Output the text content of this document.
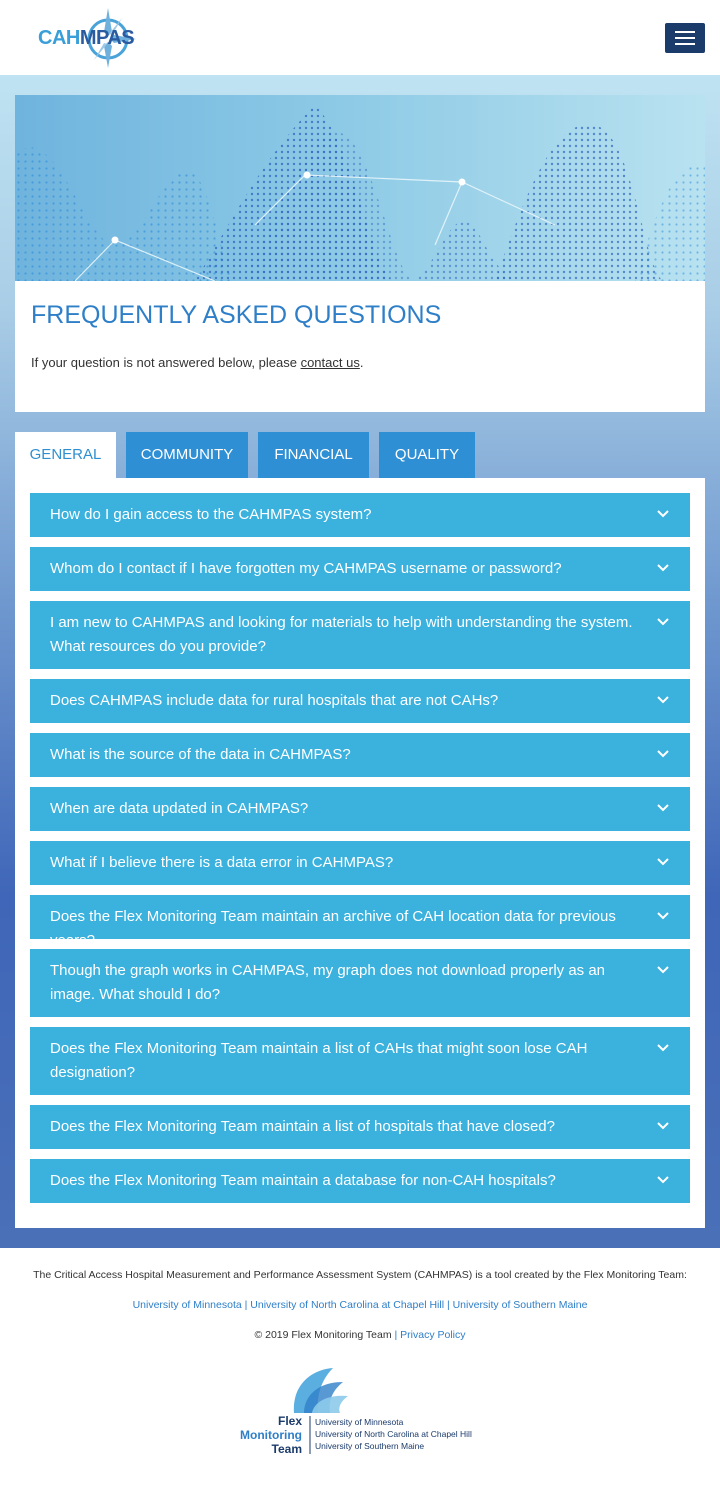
CAHMPAS
FREQUENTLY ASKED QUESTIONS

If your question is not answered below, please contact us.

GENERAL	COMMUNITY	FINANCIAL	QUALITY
How do I gain access to the CAHMPAS system?
Whom do I contact if I have forgotten my CAHMPAS username or password?
I am new to CAHMPAS and looking for materials to help with understanding the system. What resources do you provide?
Does CAHMPAS include data for rural hospitals that are not CAHs?
What is the source of the data in CAHMPAS?
When are data updated in CAHMPAS?
What if I believe there is a data error in CAHMPAS?
Does the Flex Monitoring Team maintain an archive of CAH location data for previous years?
Though the graph works in CAHMPAS, my graph does not download properly as an image. What should I do?
Does the Flex Monitoring Team maintain a list of CAHs that might soon lose CAH designation?
Does the Flex Monitoring Team maintain a list of hospitals that have closed?
Does the Flex Monitoring Team maintain a database for non-CAH hospitals?
The Critical Access Hospital Measurement and Performance Assessment System (CAHMPAS) is a tool created by the Flex Monitoring Team:
University of Minnesota | University of North Carolina at Chapel Hill | University of Southern Maine
© 2019 Flex Monitoring Team | Privacy Policy
Flex
Monitoring
Team
University of Minnesota
University of North Carolina at Chapel Hill
University of Southern Maine
